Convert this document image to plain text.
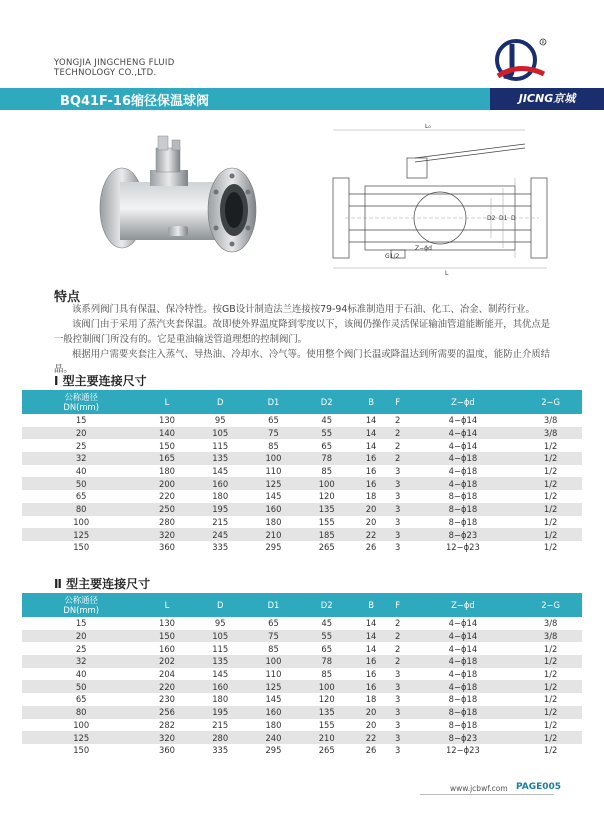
YONGJIA JINGCHENG FLUID
TECHNOLOGY CO.,LTD.
R
BQ41F-16缩径保温球阀	JICNG京城
L₀
L
G1/2
Z−ϕd
D2 D1 D
特点

该系列阀门具有保温、保冷特性。按GB设计制造法兰连接按79-94标准制造用于石油、化工、冶金、制药行业。

该阀门由于采用了蒸汽夹套保温。故即使外界温度降到零度以下，该阀仍操作灵活保证输油管道能断能开，其优点是一般控制阀门所没有的。它是重油输送管道理想的控制阀门。

根据用户需要夹套注入蒸气、导热油、冷却水、冷气等。使用整个阀门长温或降温达到所需要的温度，能防止介质结晶。

Ⅰ 型主要连接尺寸
公称通径
DN(mm)	L	D	D1	D2	B	F	Z−ϕd	2−G
15	130	95	65	45	14	2	4−ϕ14	3/8
20	140	105	75	55	14	2	4−ϕ14	3/8
25	150	115	85	65	14	2	4−ϕ14	1/2
32	165	135	100	78	16	2	4−ϕ18	1/2
40	180	145	110	85	16	3	4−ϕ18	1/2
50	200	160	125	100	16	3	4−ϕ18	1/2
65	220	180	145	120	18	3	8−ϕ18	1/2
80	250	195	160	135	20	3	8−ϕ18	1/2
100	280	215	180	155	20	3	8−ϕ18	1/2
125	320	245	210	185	22	3	8−ϕ23	1/2
150	360	335	295	265	26	3	12−ϕ23	1/2
Ⅱ 型主要连接尺寸
公称通径
DN(mm)	L	D	D1	D2	B	F	Z−ϕd	2−G
15	130	95	65	45	14	2	4−ϕ14	3/8
20	150	105	75	55	14	2	4−ϕ14	3/8
25	160	115	85	65	14	2	4−ϕ14	1/2
32	202	135	100	78	16	2	4−ϕ18	1/2
40	204	145	110	85	16	3	4−ϕ18	1/2
50	220	160	125	100	16	3	4−ϕ18	1/2
65	230	180	145	120	18	3	8−ϕ18	1/2
80	256	195	160	135	20	3	8−ϕ18	1/2
100	282	215	180	155	20	3	8−ϕ18	1/2
125	320	280	240	210	22	3	8−ϕ23	1/2
150	360	335	295	265	26	3	12−ϕ23	1/2
www.jcbwf.com PAGE005
